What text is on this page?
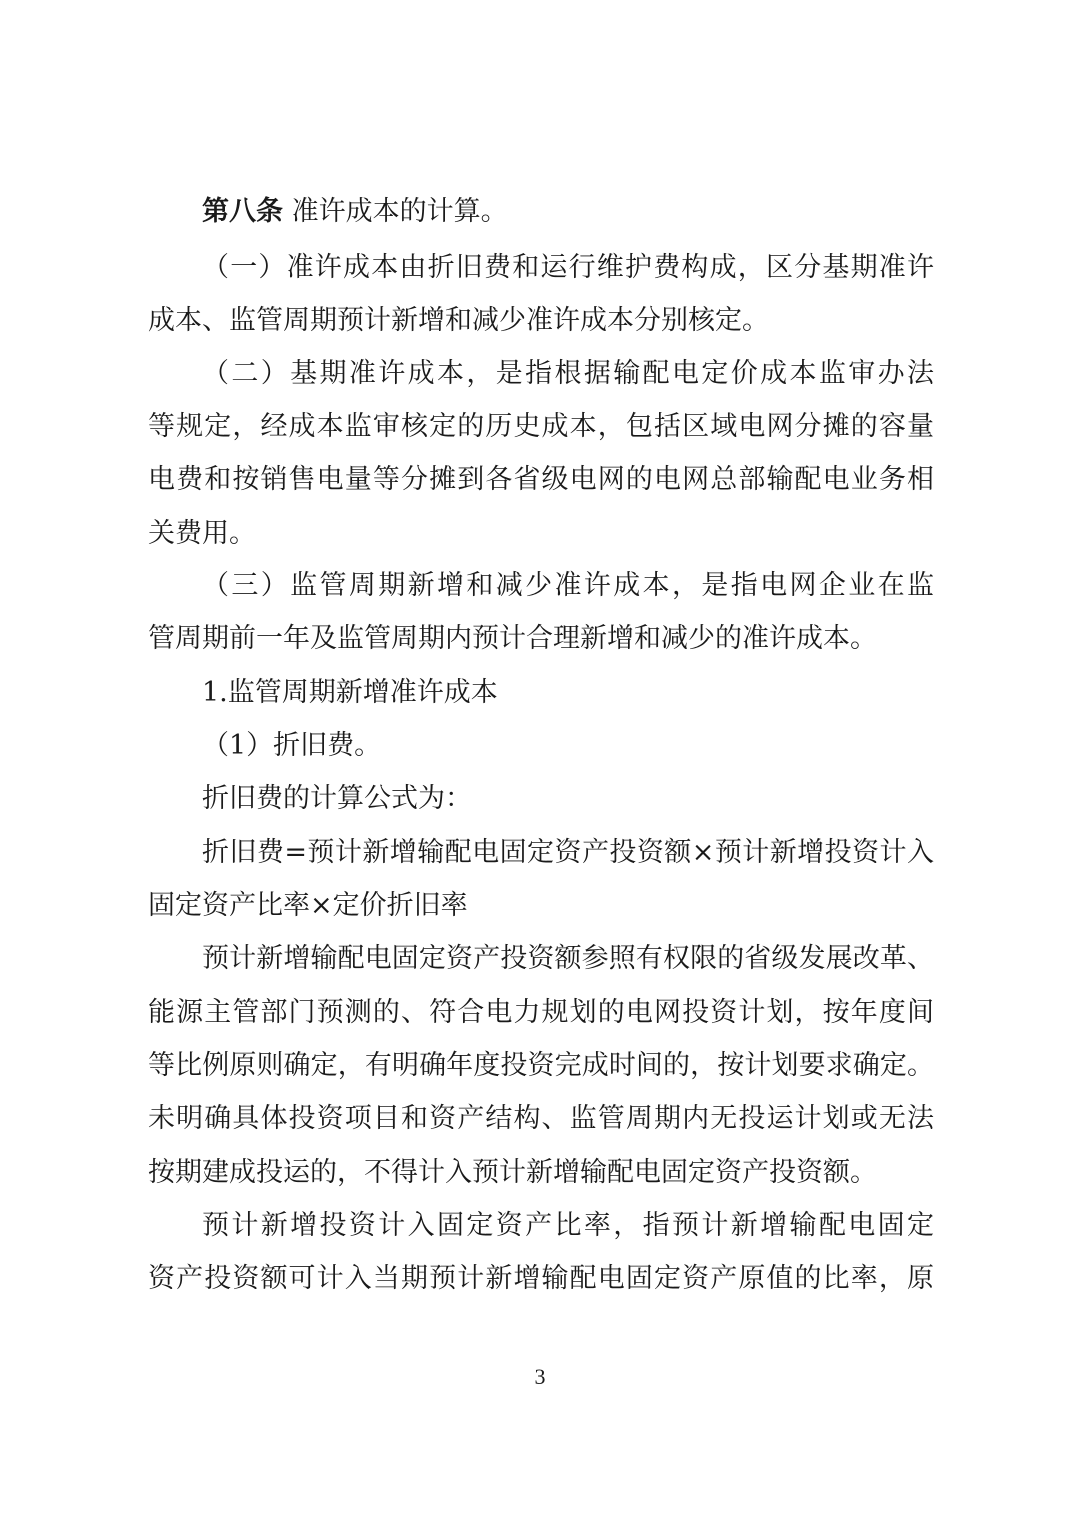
第八条 准许成本的计算。
（一）准许成本由折旧费和运行维护费构成，区分基期准许
成本、监管周期预计新增和减少准许成本分别核定。
（二）基期准许成本，是指根据输配电定价成本监审办法
等规定，经成本监审核定的历史成本，包括区域电网分摊的容量
电费和按销售电量等分摊到各省级电网的电网总部输配电业务相
关费用。
（三）监管周期新增和减少准许成本，是指电网企业在监
管周期前一年及监管周期内预计合理新增和减少的准许成本。
1.监管周期新增准许成本
（1）折旧费。
折旧费的计算公式为：
折旧费=预计新增输配电固定资产投资额×预计新增投资计入
固定资产比率×定价折旧率
预计新增输配电固定资产投资额参照有权限的省级发展改革、
能源主管部门预测的、符合电力规划的电网投资计划，按年度间
等比例原则确定，有明确年度投资完成时间的，按计划要求确定。
未明确具体投资项目和资产结构、监管周期内无投运计划或无法
按期建成投运的，不得计入预计新增输配电固定资产投资额。
预计新增投资计入固定资产比率，指预计新增输配电固定
资产投资额可计入当期预计新增输配电固定资产原值的比率，原
3
